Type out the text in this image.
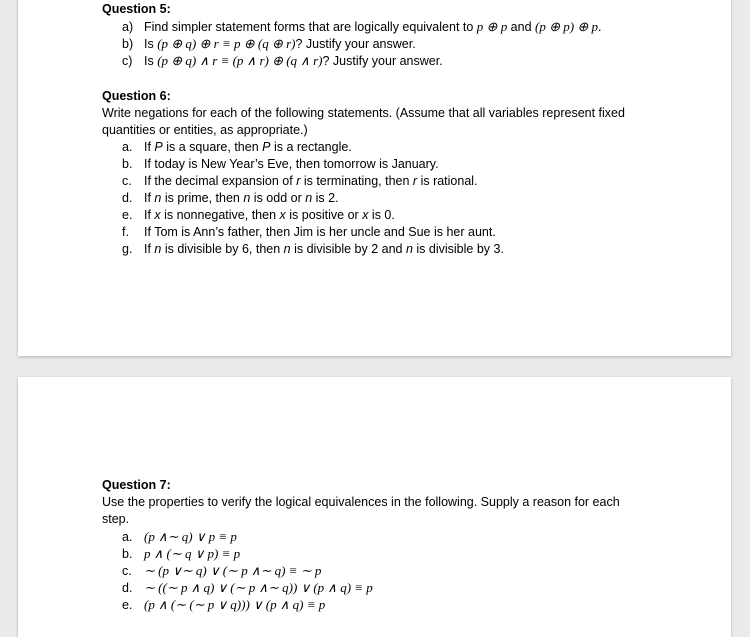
Question 5:
a) Find simpler statement forms that are logically equivalent to p ⊕ p and (p ⊕ p) ⊕ p.
b) Is (p ⊕ q) ⊕ r ≡ p ⊕ (q ⊕ r)? Justify your answer.
c) Is (p ⊕ q) ∧ r ≡ (p ∧ r) ⊕ (q ∧ r)? Justify your answer.
Question 6:
Write negations for each of the following statements. (Assume that all variables represent fixed
quantities or entities, as appropriate.)
a. If P is a square, then P is a rectangle.
b. If today is New Year’s Eve, then tomorrow is January.
c. If the decimal expansion of r is terminating, then r is rational.
d. If n is prime, then n is odd or n is 2.
e. If x is nonnegative, then x is positive or x is 0.
f. If Tom is Ann’s father, then Jim is her uncle and Sue is her aunt.
g. If n is divisible by 6, then n is divisible by 2 and n is divisible by 3.
Question 7:
Use the properties to verify the logical equivalences in the following. Supply a reason for each
step.
a. (p ∧∼ q) ∨ p ≡ p
b. p ∧ (∼ q ∨ p) ≡ p
c. ∼ (p ∨∼ q) ∨ (∼ p ∧∼ q) ≡ ∼ p
d. ∼ ((∼ p ∧ q) ∨ (∼ p ∧∼ q)) ∨ (p ∧ q) ≡ p
e. (p ∧ (∼ (∼ p ∨ q))) ∨ (p ∧ q) ≡ p
